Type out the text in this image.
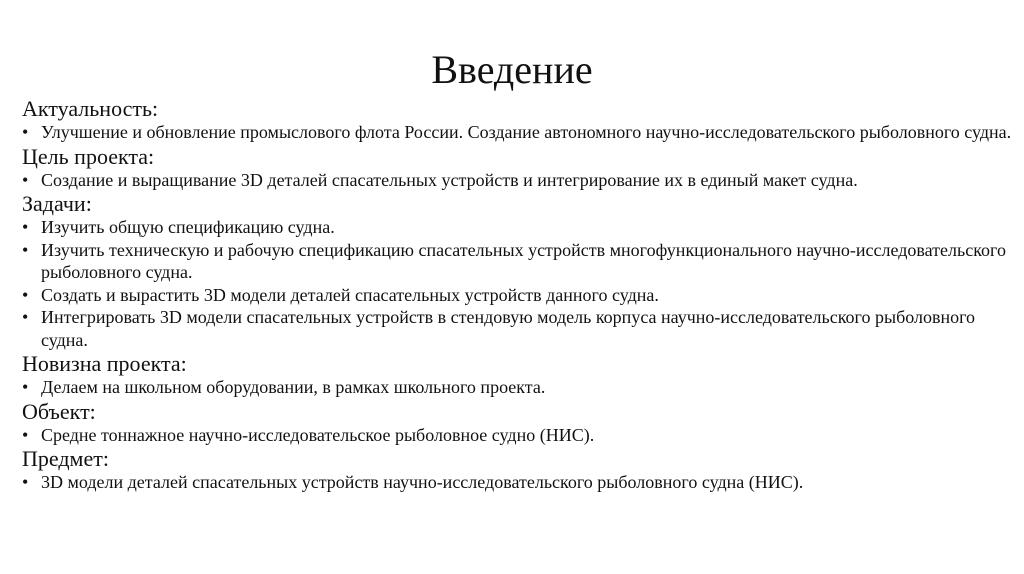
Введение

Актуальность:

• Улучшение и обновление промыслового флота России. Создание автономного научно-исследовательского рыболовного судна.

Цель проекта:

• Создание и выращивание 3D деталей спасательных устройств и интегрирование их в единый макет судна.

Задачи:

• Изучить общую спецификацию судна.
• Изучить техническую и рабочую спецификацию спасательных устройств многофункционального научно-исследовательского рыболовного судна.
• Создать и вырастить 3D модели деталей спасательных устройств данного судна.
• Интегрировать 3D модели спасательных устройств в стендовую модель корпуса научно-исследовательского рыболовного судна.

Новизна проекта:

• Делаем на школьном оборудовании, в рамках школьного проекта.

Объект:

• Средне тоннажное научно-исследовательское рыболовное судно (НИС).

Предмет:

• 3D модели деталей спасательных устройств научно-исследовательского рыболовного судна (НИС).
